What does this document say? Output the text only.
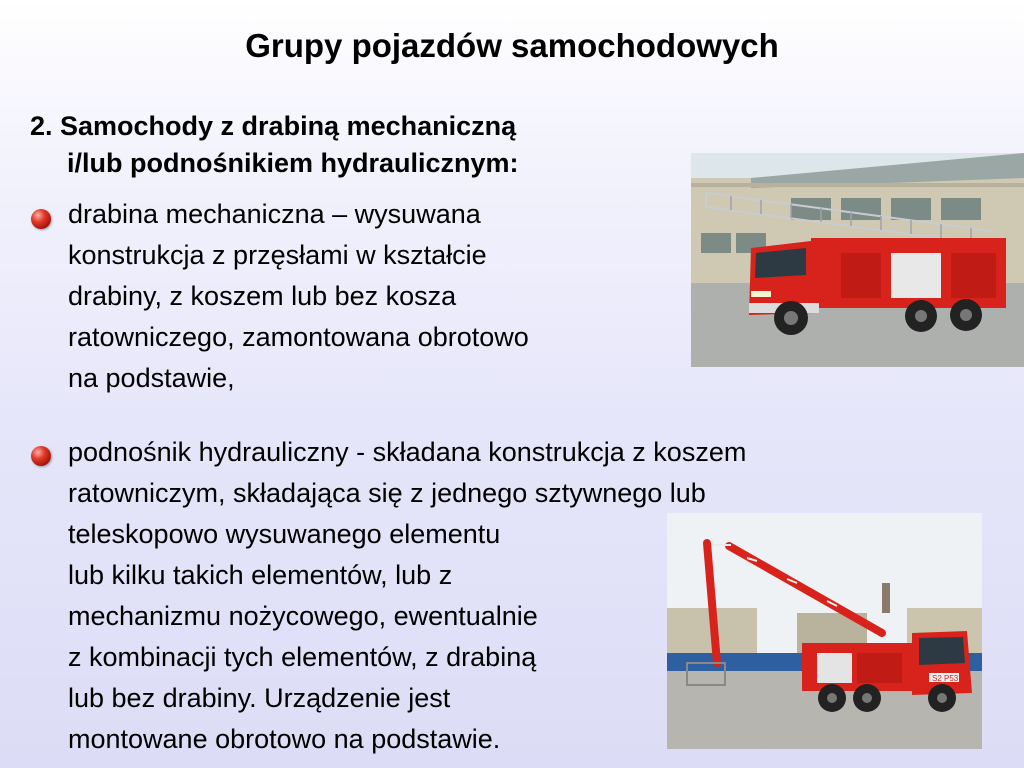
Grupy pojazdów samochodowych
2. Samochody z drabiną mechaniczną
i/lub podnośnikiem hydraulicznym:
drabina mechaniczna – wysuwana
konstrukcja z przęsłami w kształcie
drabiny, z koszem lub bez kosza
ratowniczego, zamontowana obrotowo
na podstawie,
podnośnik hydrauliczny - składana konstrukcja z koszem
ratowniczym, składająca się z jednego sztywnego lub
teleskopowo wysuwanego elementu
lub kilku takich elementów, lub z
mechanizmu nożycowego, ewentualnie
z kombinacji tych elementów, z drabiną
lub bez drabiny. Urządzenie jest
montowane obrotowo na podstawie.
S2 P53
